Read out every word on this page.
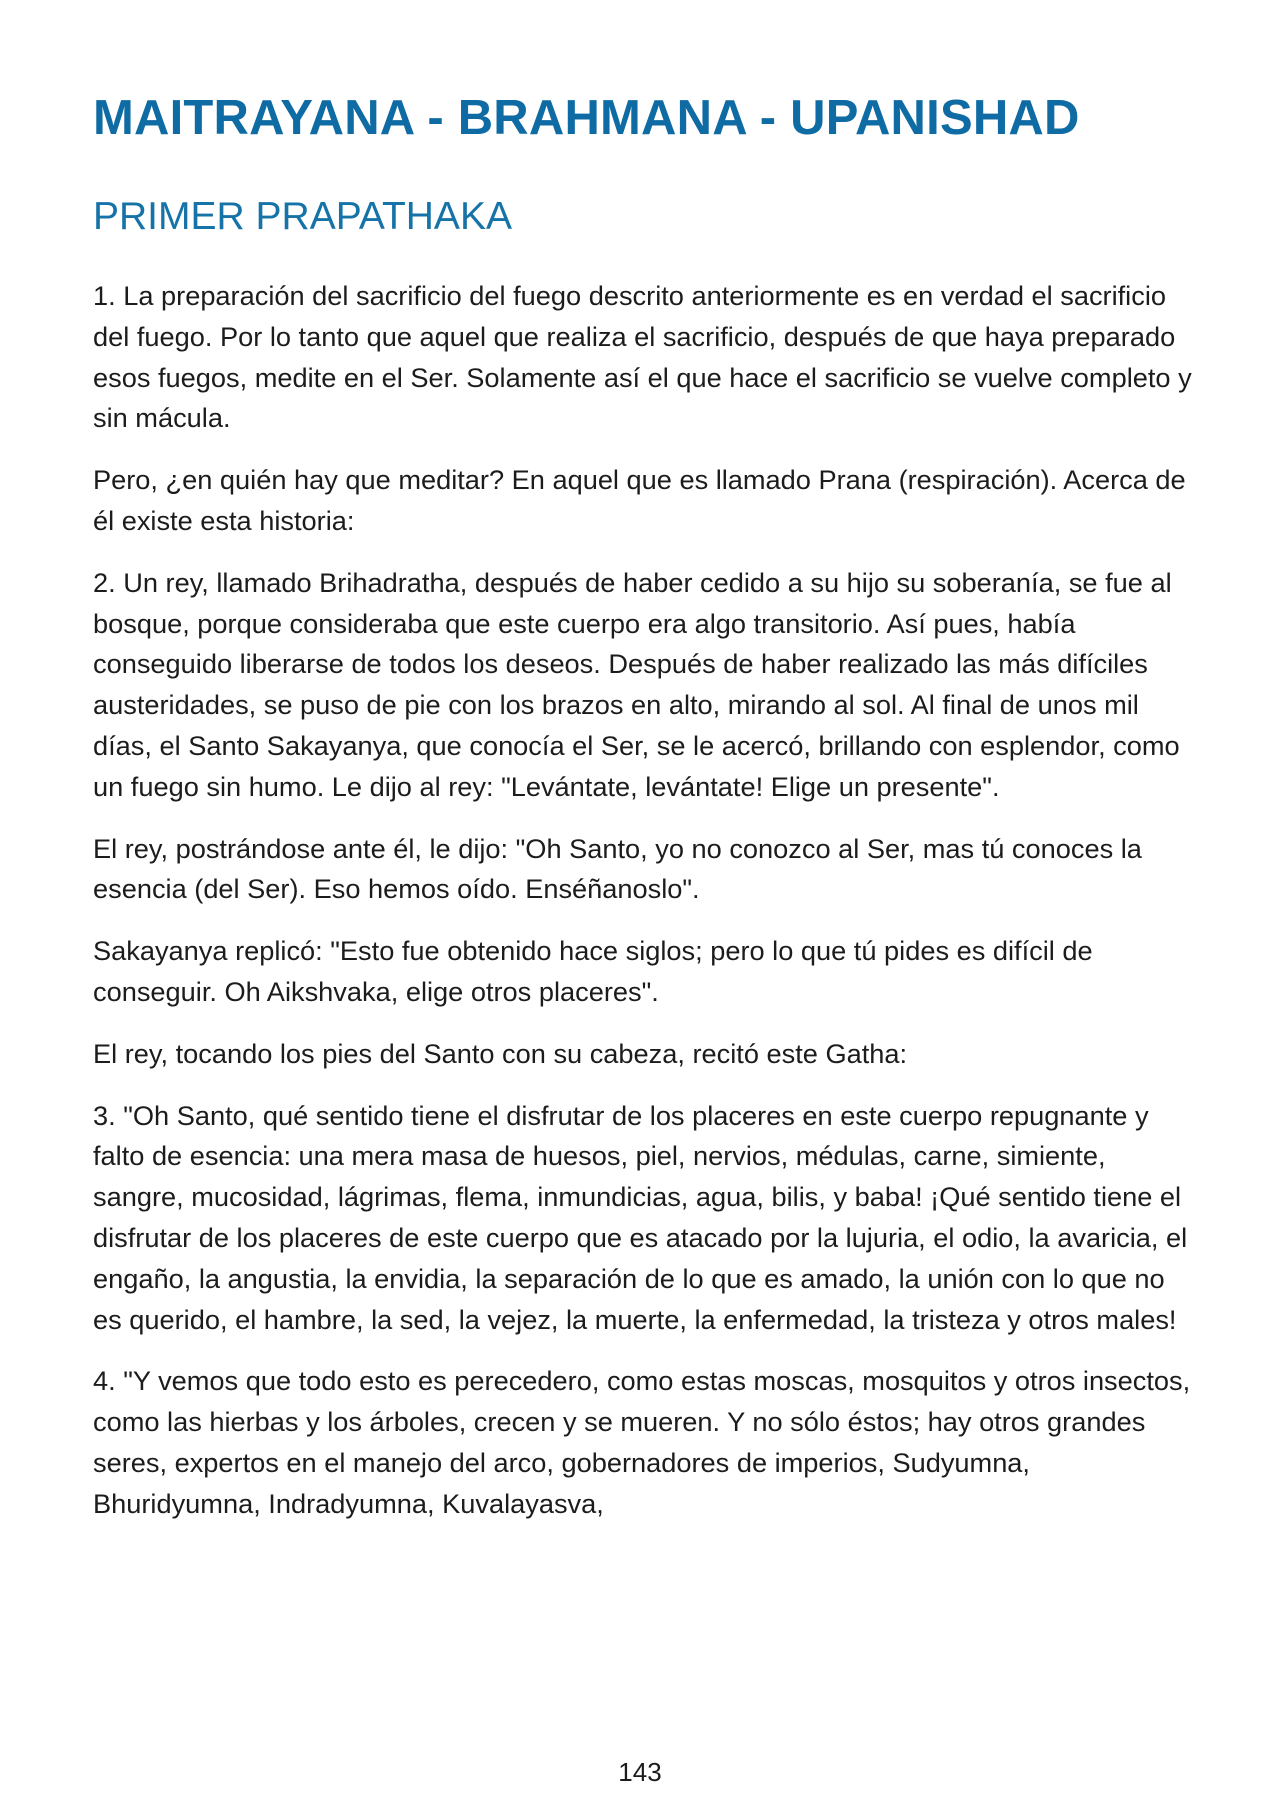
MAITRAYANA - BRAHMANA - UPANISHAD
PRIMER PRAPATHAKA

1. La preparación del sacrificio del fuego descrito anteriormente es en verdad el sacrificio del fuego. Por lo tanto que aquel que realiza el sacrificio, después de que haya preparado esos fuegos, medite en el Ser. Solamente así el que hace el sacrificio se vuelve completo y sin mácula.

Pero, ¿en quién hay que meditar? En aquel que es llamado Prana (respiración). Acerca de él existe esta historia:

2. Un rey, llamado Brihadratha, después de haber cedido a su hijo su soberanía, se fue al bosque, porque consideraba que este cuerpo era algo transitorio. Así pues, había conseguido liberarse de todos los deseos. Después de haber realizado las más difíciles austeridades, se puso de pie con los brazos en alto, mirando al sol. Al final de unos mil días, el Santo Sakayanya, que conocía el Ser, se le acercó, brillando con esplendor, como un fuego sin humo. Le dijo al rey: "Levántate, levántate! Elige un presente".

El rey, postrándose ante él, le dijo: "Oh Santo, yo no conozco al Ser, mas tú conoces la esencia (del Ser). Eso hemos oído. Enséñanoslo".

Sakayanya replicó: "Esto fue obtenido hace siglos; pero lo que tú pides es difícil de conseguir. Oh Aikshvaka, elige otros placeres".

El rey, tocando los pies del Santo con su cabeza, recitó este Gatha:

3. "Oh Santo, qué sentido tiene el disfrutar de los placeres en este cuerpo repugnante y falto de esencia: una mera masa de huesos, piel, nervios, médulas, carne, simiente, sangre, mucosidad, lágrimas, flema, inmundicias, agua, bilis, y baba! ¡Qué sentido tiene el disfrutar de los placeres de este cuerpo que es atacado por la lujuria, el odio, la avaricia, el engaño, la angustia, la envidia, la separación de lo que es amado, la unión con lo que no es querido, el hambre, la sed, la vejez, la muerte, la enfermedad, la tristeza y otros males!

4. "Y vemos que todo esto es perecedero, como estas moscas, mosquitos y otros insectos, como las hierbas y los árboles, crecen y se mueren. Y no sólo éstos; hay otros grandes seres, expertos en el manejo del arco, gobernadores de imperios, Sudyumna, Bhuridyumna, Indradyumna, Kuvalayasva,

143
